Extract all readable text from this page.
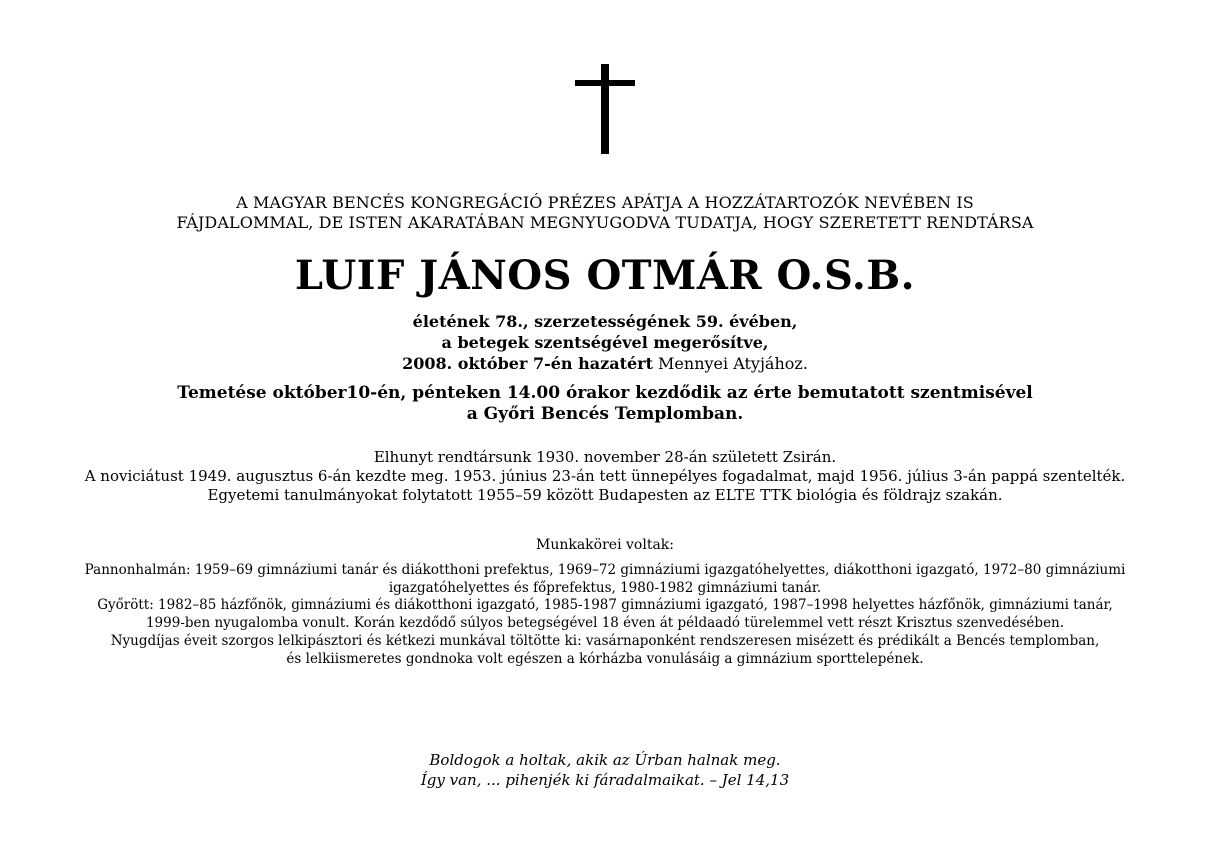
A MAGYAR BENCÉS KONGREGÁCIÓ PRÉZES APÁTJA A HOZZÁTARTOZÓK NEVÉBEN IS
FÁJDALOMMAL, DE ISTEN AKARATÁBAN MEGNYUGODVA TUDATJA, HOGY SZERETETT RENDTÁRSA
LUIF JÁNOS OTMÁR O.S.B.
életének 78., szerzetességének 59. évében,
a betegek szentségével megerősítve,
2008. október 7-én hazatért Mennyei Atyjához.
Temetése október10-én, pénteken 14.00 órakor kezdődik az érte bemutatott szentmisével
a Győri Bencés Templomban.
Elhunyt rendtársunk 1930. november 28-án született Zsirán.
A noviciátust 1949. augusztus 6-án kezdte meg. 1953. június 23-án tett ünnepélyes fogadalmat, majd 1956. július 3-án pappá szentelték.
Egyetemi tanulmányokat folytatott 1955–59 között Budapesten az ELTE TTK biológia és földrajz szakán.
Munkakörei voltak:
Pannonhalmán: 1959–69 gimnáziumi tanár és diákotthoni prefektus, 1969–72 gimnáziumi igazgatóhelyettes, diákotthoni igazgató, 1972–80 gimnáziumi
igazgatóhelyettes és főprefektus, 1980-1982 gimnáziumi tanár.
Győrött: 1982–85 házfőnök, gimnáziumi és diákotthoni igazgató, 1985-1987 gimnáziumi igazgató, 1987–1998 helyettes házfőnök, gimnáziumi tanár,
1999-ben nyugalomba vonult. Korán kezdődő súlyos betegségével 18 éven át példaadó türelemmel vett részt Krisztus szenvedésében.
Nyugdíjas éveit szorgos lelkipásztori és kétkezi munkával töltötte ki: vasárnaponként rendszeresen misézett és prédikált a Bencés templomban,
és lelkiismeretes gondnoka volt egészen a kórházba vonulásáig a gimnázium sporttelepének.
Boldogok a holtak, akik az Úrban halnak meg.
Így van, ... pihenjék ki fáradalmaikat. – Jel 14,13
